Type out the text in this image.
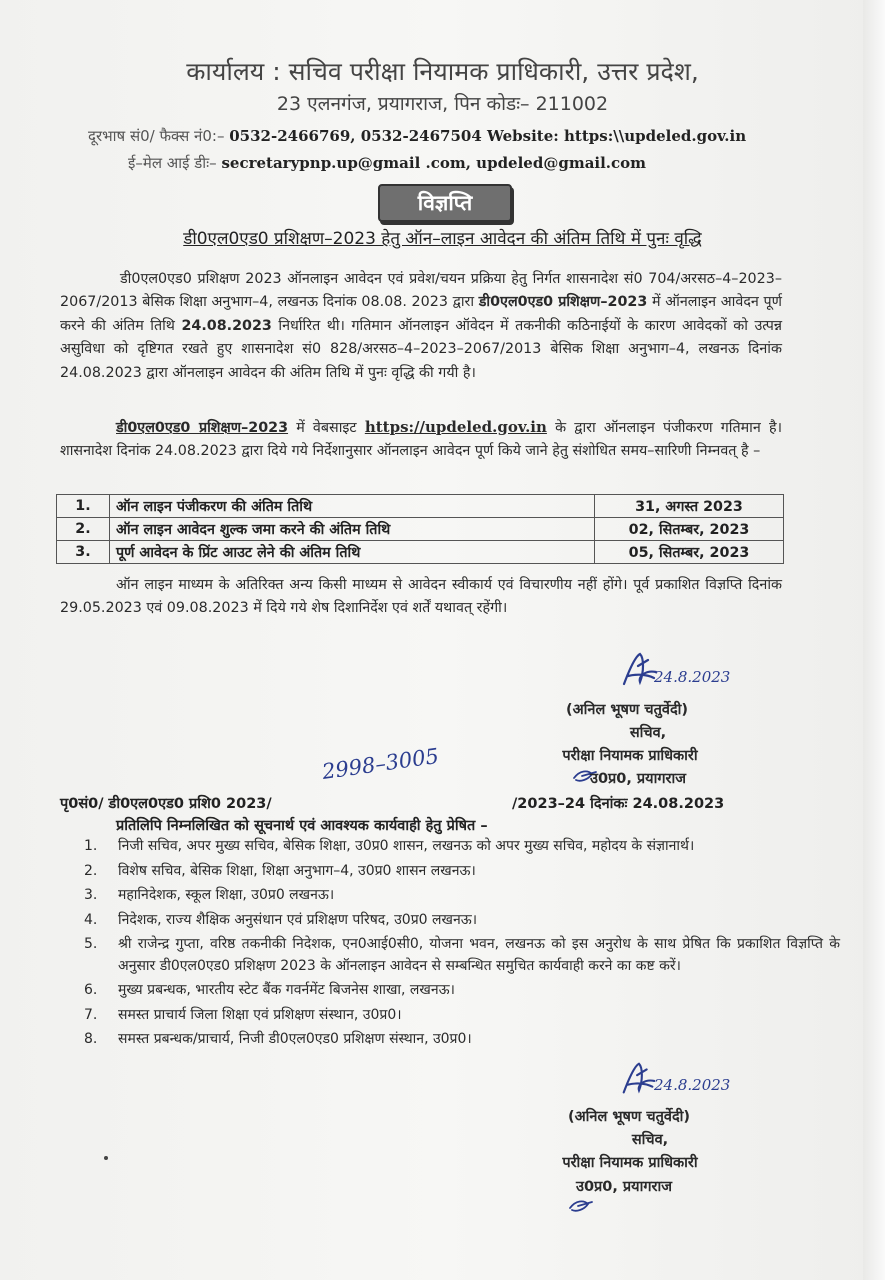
कार्यालय : सचिव परीक्षा नियामक प्राधिकारी, उत्तर प्रदेश,
23 एलनगंज, प्रयागराज, पिन कोडः– 211002
दूरभाष सं0/ फैक्स नं0:– 0532-2466769, 0532-2467504 Website: https:\\updeled.gov.in
ई–मेल आई डीः– secretarypnp.up@gmail .com, updeled@gmail.com
विज्ञप्ति
डी0एल0एड0 प्रशिक्षण–2023 हेतु ऑन–लाइन आवेदन की अंतिम तिथि में पुनः वृद्धि
डी0एल0एड0 प्रशिक्षण 2023 ऑनलाइन आवेदन एवं प्रवेश/चयन प्रक्रिया हेतु निर्गत शासनादेश सं0 704/अरसठ–4–2023–2067/2013 बेसिक शिक्षा अनुभाग–4, लखनऊ दिनांक 08.08. 2023 द्वारा डी0एल0एड0 प्रशिक्षण–2023 में ऑनलाइन आवेदन पूर्ण करने की अंतिम तिथि 24.08.2023 निर्धारित थी। गतिमान ऑनलाइन ऑवेदन में तकनीकी कठिनाईयों के कारण आवेदकों को उत्पन्न असुविधा को दृष्टिगत रखते हुए शासनादेश सं0 828/अरसठ–4–2023–2067/2013 बेसिक शिक्षा अनुभाग–4, लखनऊ दिनांक 24.08.2023 द्वारा ऑनलाइन आवेदन की अंतिम तिथि में पुनः वृद्धि की गयी है।
डी0एल0एड0 प्रशिक्षण–2023 में वेबसाइट https://updeled.gov.in के द्वारा ऑनलाइन पंजीकरण गतिमान है। शासनादेश दिनांक 24.08.2023 द्वारा दिये गये निर्देशानुसार ऑनलाइन आवेदन पूर्ण किये जाने हेतु संशोधित समय–सारिणी निम्नवत् है –
1.	ऑन लाइन पंजीकरण की अंतिम तिथि	31, अगस्त 2023
2.	ऑन लाइन आवेदन शुल्क जमा करने की अंतिम तिथि	02, सितम्बर, 2023
3.	पूर्ण आवेदन के प्रिंट आउट लेने की अंतिम तिथि	05, सितम्बर, 2023
ऑन लाइन माध्यम के अतिरिक्त अन्य किसी माध्यम से आवेदन स्वीकार्य एवं विचारणीय नहीं होंगे। पूर्व प्रकाशित विज्ञप्ति दिनांक 29.05.2023 एवं 09.08.2023 में दिये गये शेष दिशानिर्देश एवं शर्तें यथावत् रहेंगी।
24.8.2023
(अनिल भूषण चतुर्वेदी)
सचिव,
परीक्षा नियामक प्राधिकारी
उ0प्र0, प्रयागराज
पृ0सं0/ डी0एल0एड0 प्रशि0 2023/	/2023–24 दिनांकः 24.08.2023
2998–3005
प्रतिलिपि निम्नलिखित को सूचनार्थ एवं आवश्यक कार्यवाही हेतु प्रेषित –
1.	निजी सचिव, अपर मुख्य सचिव, बेसिक शिक्षा, उ0प्र0 शासन, लखनऊ को अपर मुख्य सचिव, महोदय के संज्ञानार्थ।
2.	विशेष सचिव, बेसिक शिक्षा, शिक्षा अनुभाग–4, उ0प्र0 शासन लखनऊ।
3.	महानिदेशक, स्कूल शिक्षा, उ0प्र0 लखनऊ।
4.	निदेशक, राज्य शैक्षिक अनुसंधान एवं प्रशिक्षण परिषद, उ0प्र0 लखनऊ।
5.	श्री राजेन्द्र गुप्ता, वरिष्ठ तकनीकी निदेशक, एन0आई0सी0, योजना भवन, लखनऊ को इस अनुरोध के साथ प्रेषित कि प्रकाशित विज्ञप्ति के अनुसार डी0एल0एड0 प्रशिक्षण 2023 के ऑनलाइन आवेदन से सम्बन्धित समुचित कार्यवाही करने का कष्ट करें।
6.	मुख्य प्रबन्धक, भारतीय स्टेट बैंक गवर्नमेंट बिजनेस शाखा, लखनऊ।
7.	समस्त प्राचार्य जिला शिक्षा एवं प्रशिक्षण संस्थान, उ0प्र0।
8.	समस्त प्रबन्धक/प्राचार्य, निजी डी0एल0एड0 प्रशिक्षण संस्थान, उ0प्र0।
24.8.2023
(अनिल भूषण चतुर्वेदी)
सचिव,
परीक्षा नियामक प्राधिकारी
उ0प्र0, प्रयागराज
